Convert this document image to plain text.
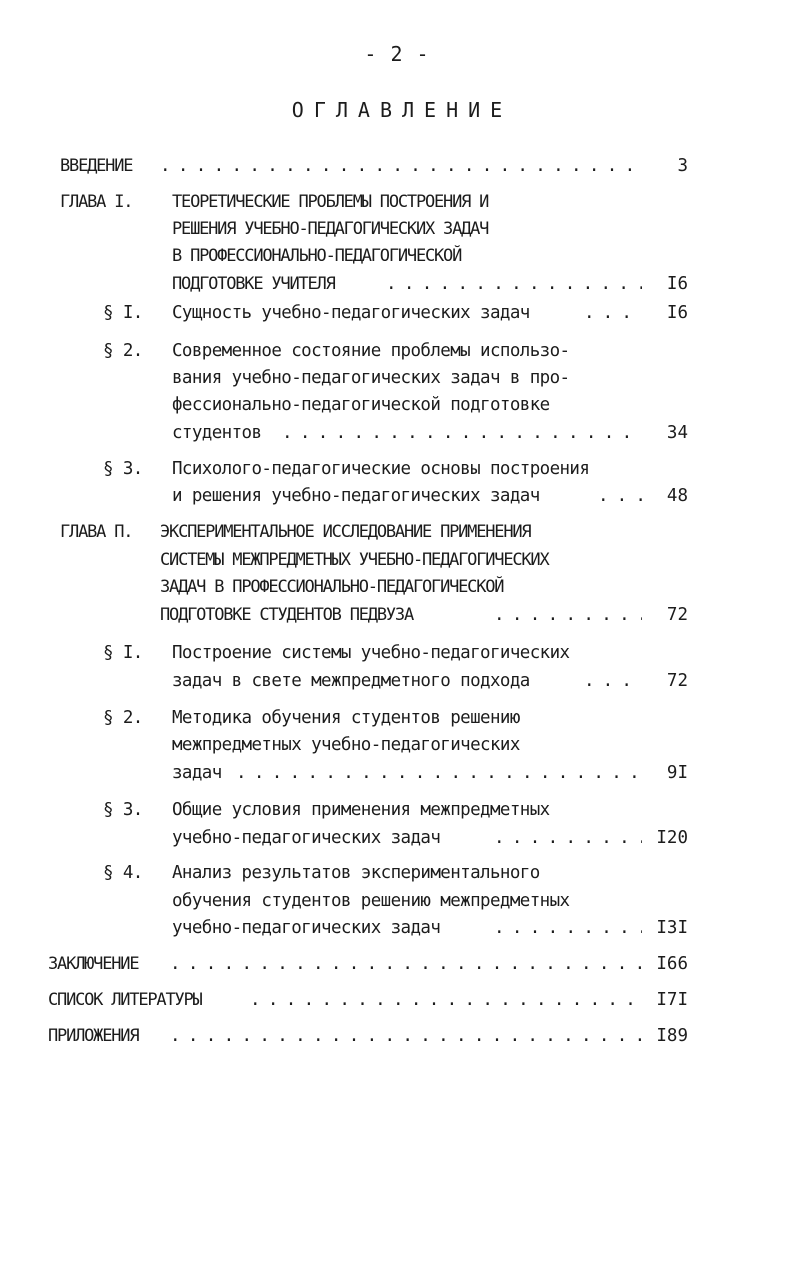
- 2 -
ОГЛАВЛЕНИЕ
ВВЕДЕНИЕ . . .	3
ГЛАВА I. ТЕОРЕТИЧЕСКИЕ ПРОБЛЕМЫ ПОСТРОЕНИЯ И
РЕШЕНИЯ УЧЕБНО-ПЕДАГОГИЧЕСКИХ ЗАДАЧ
В ПРОФЕССИОНАЛЬНО-ПЕДАГОГИЧЕСКОЙ
ПОДГОТОВКЕ УЧИТЕЛЯ . . .	I6
§ I. Сущность учебно-педагогических задач . . .	I6
§ 2. Современное состояние проблемы использо-
вания учебно-педагогических задач в про-
фессионально-педагогической подготовке
студентов . . .	34
§ 3. Психолого-педагогические основы построения
и решения учебно-педагогических задач . . .	48
ГЛАВА П. ЭКСПЕРИМЕНТАЛЬНОЕ ИССЛЕДОВАНИЕ ПРИМЕНЕНИЯ
СИСТЕМЫ МЕЖПРЕДМЕТНЫХ УЧЕБНО-ПЕДАГОГИЧЕСКИХ
ЗАДАЧ В ПРОФЕССИОНАЛЬНО-ПЕДАГОГИЧЕСКОЙ
ПОДГОТОВКЕ СТУДЕНТОВ ПЕДВУЗА . . .	72
§ I. Построение системы учебно-педагогических
задач в свете межпредметного подхода . . .	72
§ 2. Методика обучения студентов решению
межпредметных учебно-педагогических
задач . . .	9I
§ 3. Общие условия применения межпредметных
учебно-педагогических задач . . .	I20
§ 4. Анализ результатов экспериментального
обучения студентов решению межпредметных
учебно-педагогических задач . . .	I3I
ЗАКЛЮЧЕНИЕ . . .	I66
СПИСОК ЛИТЕРАТУРЫ . . .	I7I
ПРИЛОЖЕНИЯ . . .	I89
